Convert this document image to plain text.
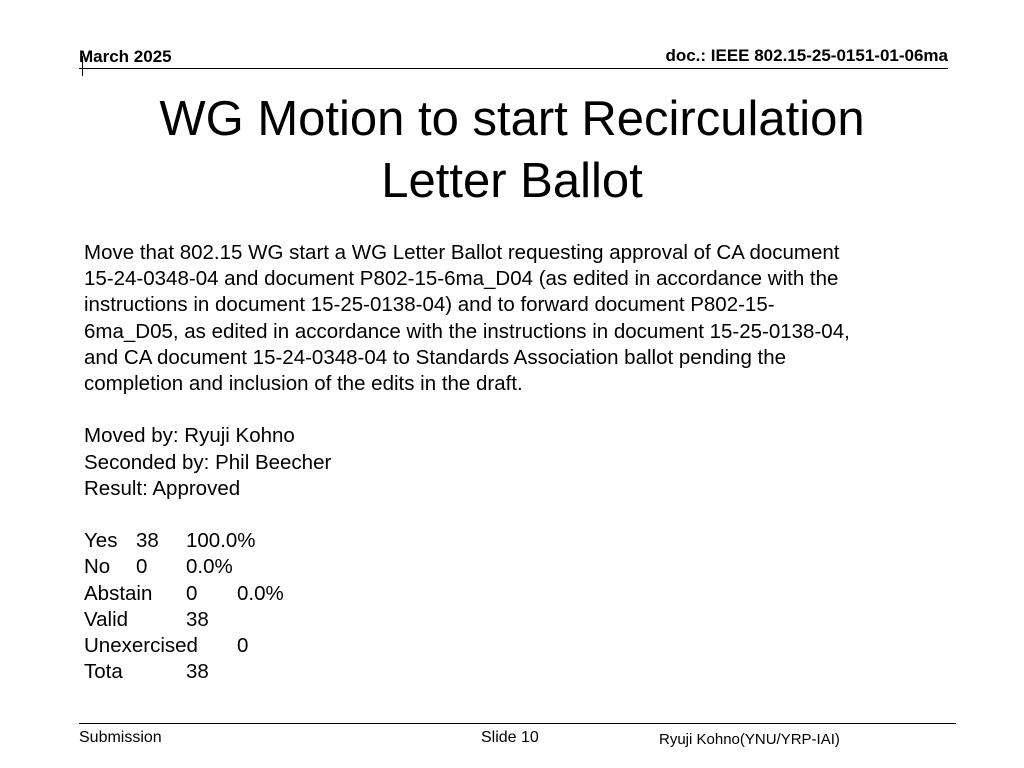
March 2025	doc.: IEEE 802.15-25-0151-01-06ma
WG Motion to start Recirculation
Letter Ballot
Move that 802.15 WG start a WG Letter Ballot requesting approval of CA document
15-24-0348-04 and document P802-15-6ma_D04 (as edited in accordance with the
instructions in document 15-25-0138-04) and to forward document P802-15-
6ma_D05, as edited in accordance with the instructions in document 15-25-0138-04,
and CA document 15-24-0348-04 to Standards Association ballot pending the
completion and inclusion of the edits in the draft.
Moved by: Ryuji Kohno
Seconded by: Phil Beecher
Result: Approved
Yes 38 100.0%
No 0 0.0%
Abstain 0 0.0%
Valid	38
Unexercised 0
Tota	38
Submission	Slide 10	Ryuji Kohno(YNU/YRP-IAI)
